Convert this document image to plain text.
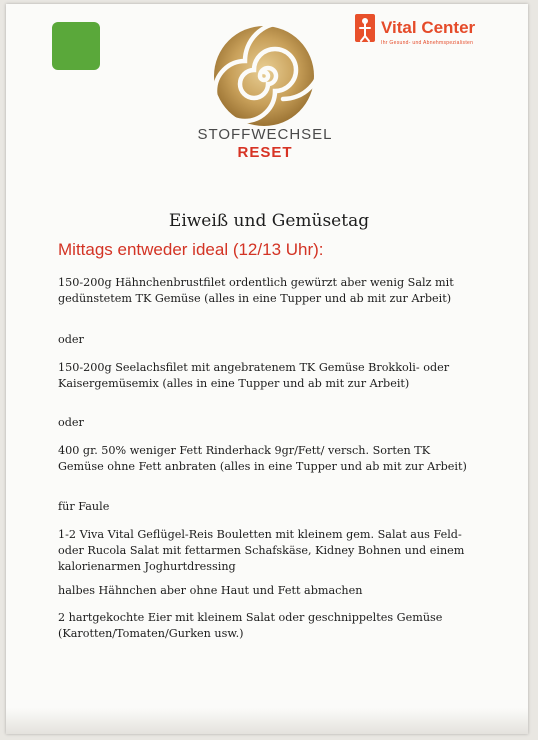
STOFFWECHSEL
RESET
Vital Center
Ihr Gesund- und Abnehmspezialisten
Eiweiß und Gemüsetag
Mittags entweder ideal (12/13 Uhr):
150-200g Hähnchenbrustfilet ordentlich gewürzt aber wenig Salz mit gedünstetem TK Gemüse (alles in eine Tupper und ab mit zur Arbeit)
oder
150-200g Seelachsfilet mit angebratenem TK Gemüse Brokkoli- oder Kaisergemüsemix (alles in eine Tupper und ab mit zur Arbeit)
oder
400 gr. 50% weniger Fett Rinderhack 9gr/Fett/ versch. Sorten TK Gemüse ohne Fett anbraten (alles in eine Tupper und ab mit zur Arbeit)
für Faule
1-2 Viva Vital Geflügel-Reis Bouletten mit kleinem gem. Salat aus Feld- oder Rucola Salat mit fettarmen Schafskäse, Kidney Bohnen und einem kalorienarmen Joghurtdressing
halbes Hähnchen aber ohne Haut und Fett abmachen
2 hartgekochte Eier mit kleinem Salat oder geschnippeltes Gemüse (Karotten/Tomaten/Gurken usw.)
